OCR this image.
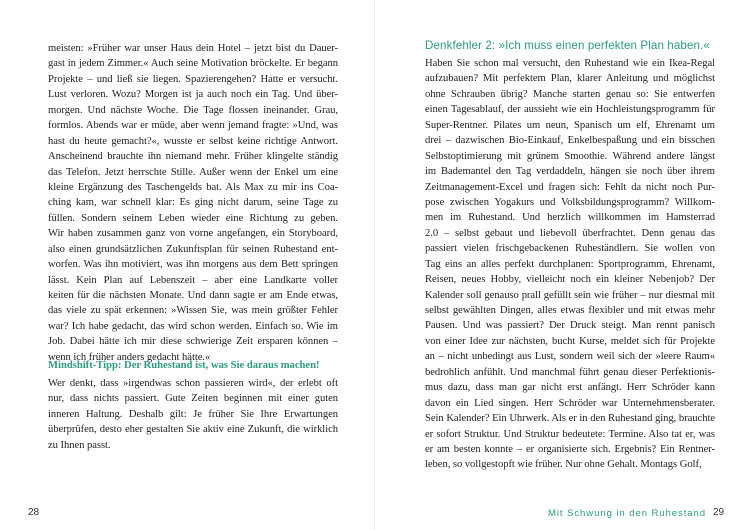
meisten: »Früher war unser Haus dein Hotel – jetzt bist du Dauer-
gast in jedem Zimmer.« Auch seine Motivation bröckelte. Er begann
Projekte – und ließ sie liegen. Spazierengehen? Hatte er versucht.
Lust verloren. Wozu? Morgen ist ja auch noch ein Tag. Und über-
morgen. Und nächste Woche. Die Tage flossen ineinander. Grau,
formlos. Abends war er müde, aber wenn jemand fragte: »Und, was
hast du heute gemacht?«, wusste er selbst keine richtige Antwort.
Anscheinend brauchte ihn niemand mehr. Früher klingelte ständig
das Telefon. Jetzt herrschte Stille. Außer wenn der Enkel um eine
kleine Ergänzung des Taschengelds bat. Als Max zu mir ins Coa-
ching kam, war schnell klar: Es ging nicht darum, seine Tage zu
füllen. Sondern seinem Leben wieder eine Richtung zu geben.
Wir haben zusammen ganz von vorne angefangen, ein Storyboard,
also einen grundsätzlichen Zukunftsplan für seinen Ruhestand ent-
worfen. Was ihn motiviert, was ihn morgens aus dem Bett springen
lässt. Kein Plan auf Lebenszeit – aber eine Landkarte voller
keiten für die nächsten Monate. Und dann sagte er am Ende etwas,
das viele zu spät erkennen: »Wissen Sie, was mein größter Fehler
war? Ich habe gedacht, das wird schon werden. Einfach so. Wie im
Job. Dabei hätte ich mir diese schwierige Zeit ersparen können –
wenn ich früher anders gedacht hätte.«
Mindshift-Tipp: Der Ruhestand ist, was Sie daraus machen!
Wer denkt, dass »irgendwas schon passieren wird«, der erlebt oft
nur, dass nichts passiert. Gute Zeiten beginnen mit einer guten
inneren Haltung. Deshalb gilt: Je früher Sie Ihre Erwartungen
überprüfen, desto eher gestalten Sie aktiv eine Zukunft, die wirklich
zu Ihnen passt.
28
Denkfehler 2: »Ich muss einen perfekten Plan haben.«
Haben Sie schon mal versucht, den Ruhestand wie ein Ikea-Regal
aufzubauen? Mit perfektem Plan, klarer Anleitung und möglichst
ohne Schrauben übrig? Manche starten genau so: Sie entwerfen
einen Tagesablauf, der aussieht wie ein Hochleistungsprogramm für
Super-Rentner. Pilates um neun, Spanisch um elf, Ehrenamt um
drei – dazwischen Bio-Einkauf, Enkelbespaßung und ein bisschen
Selbstoptimierung mit grünem Smoothie. Während andere längst
im Bademantel den Tag verdaddeln, hängen sie noch über ihrem
Zeitmanagement-Excel und fragen sich: Fehlt da nicht noch Pur-
pose zwischen Yogakurs und Volksbildungsprogramm? Willkom-
men im Ruhestand. Und herzlich willkommen im Hamsterrad
2.0 – selbst gebaut und liebevoll überfrachtet. Denn genau das
passiert vielen frischgebackenen Ruheständlern. Sie wollen von
Tag eins an alles perfekt durchplanen: Sportprogramm, Ehrenamt,
Reisen, neues Hobby, vielleicht noch ein kleiner Nebenjob? Der
Kalender soll genauso prall gefüllt sein wie früher – nur diesmal mit
selbst gewählten Dingen, alles etwas flexibler und mit etwas mehr
Pausen. Und was passiert? Der Druck steigt. Man rennt panisch
von einer Idee zur nächsten, bucht Kurse, meldet sich für Projekte
an – nicht unbedingt aus Lust, sondern weil sich der »leere Raum«
bedrohlich anfühlt. Und manchmal führt genau dieser Perfektionis-
mus dazu, dass man gar nicht erst anfängt. Herr Schröder kann
davon ein Lied singen. Herr Schröder war Unternehmensberater.
Sein Kalender? Ein Uhrwerk. Als er in den Ruhestand ging, brauchte
er sofort Struktur. Und Struktur bedeutete: Termine. Also tat er, was
er am besten konnte – er organisierte sich. Ergebnis? Ein Rentner-
leben, so vollgestopft wie früher. Nur ohne Gehalt. Montags Golf,
Mit Schwung in den Ruhestand 29
